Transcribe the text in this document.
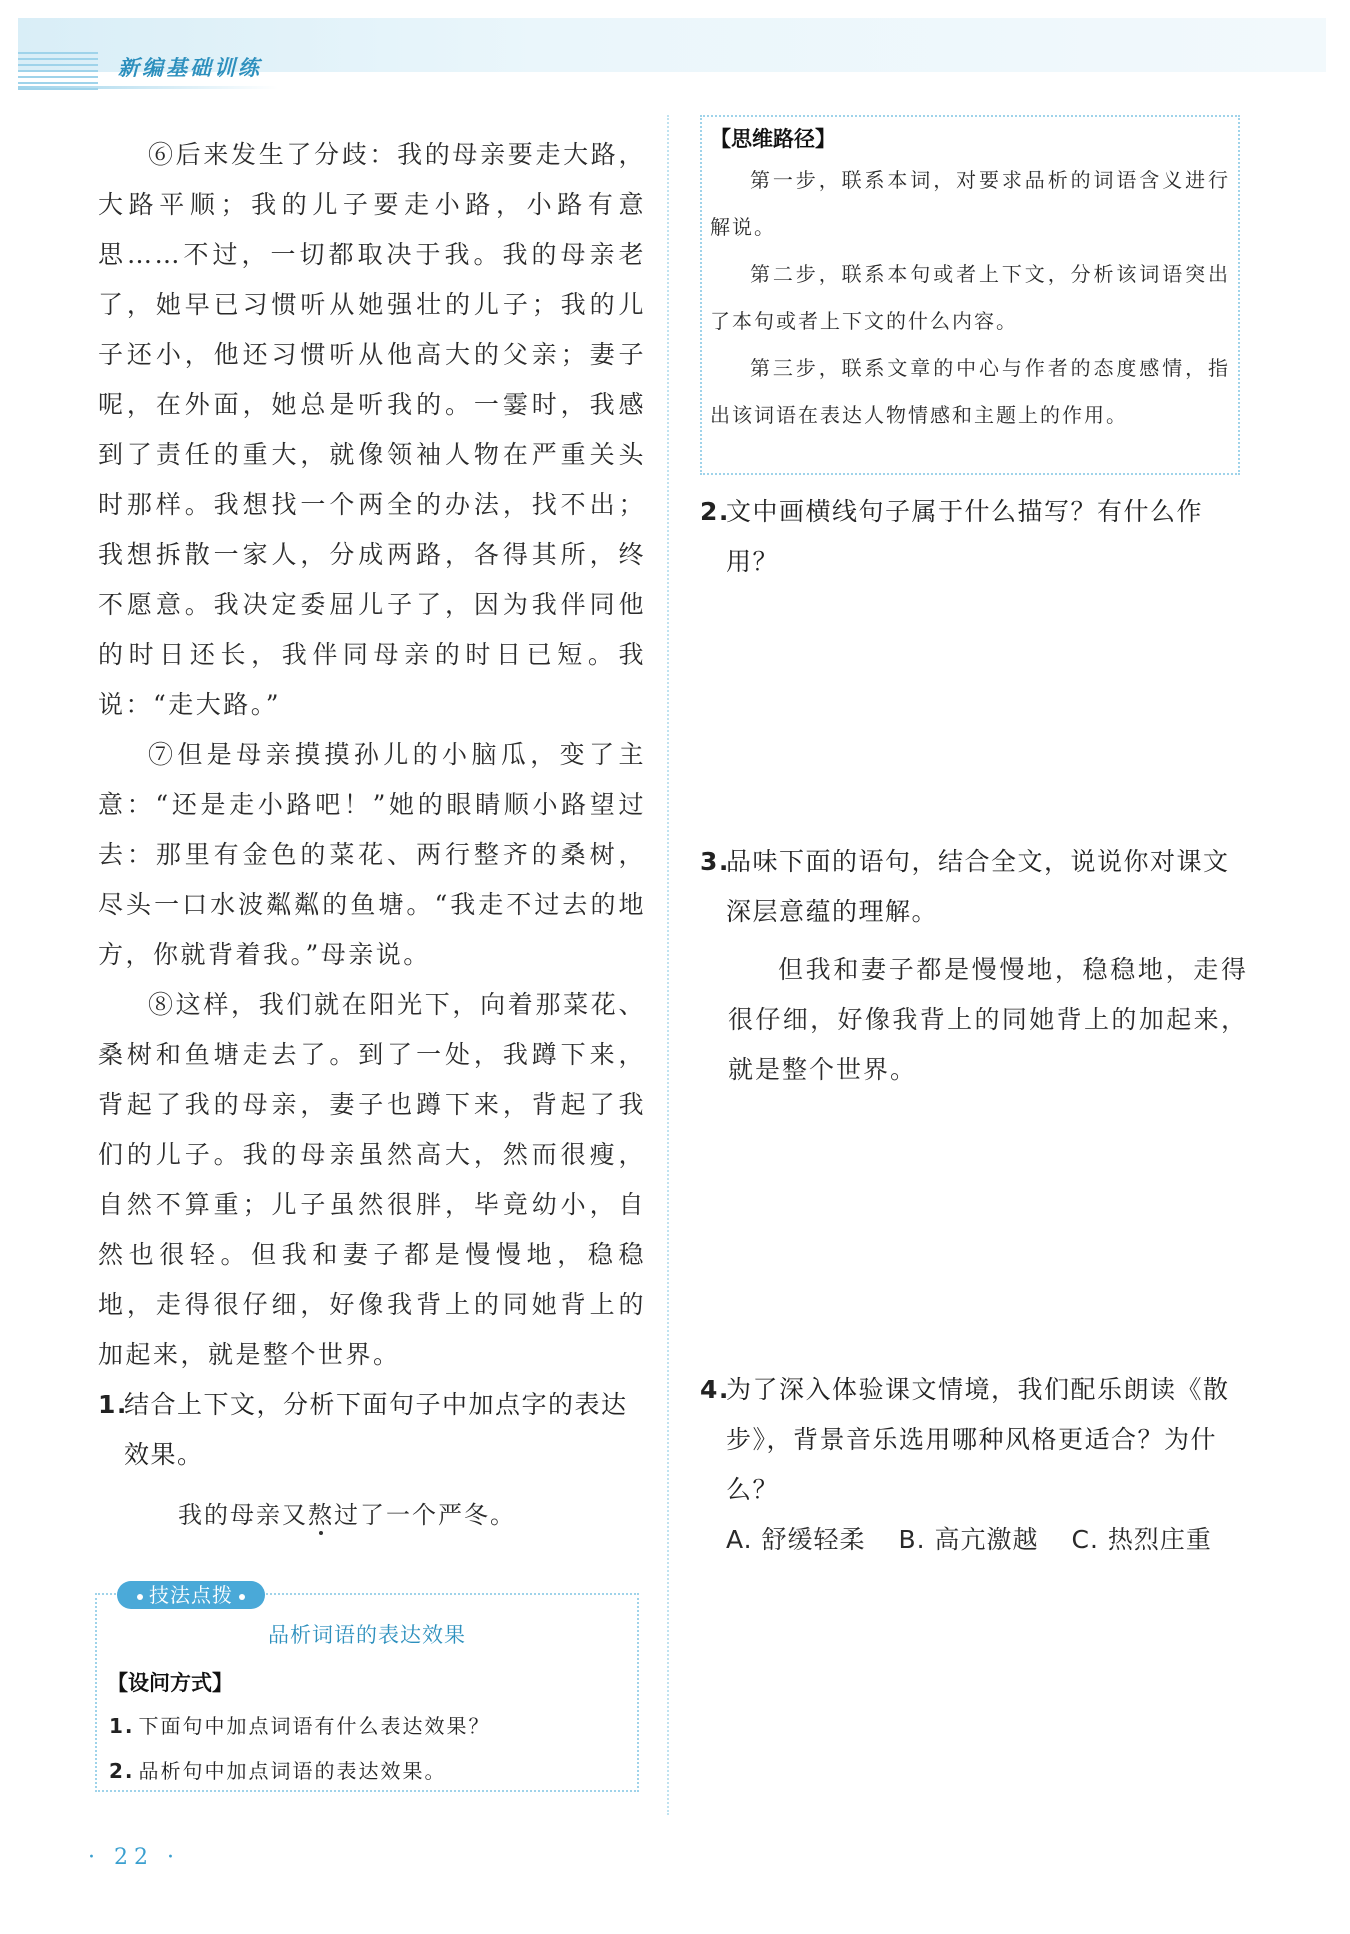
新编基础训练

⑥后来发生了分歧：我的母亲要走大路，大路平顺；我的儿子要走小路，小路有意思……不过，一切都取决于我。我的母亲老了，她早已习惯听从她强壮的儿子；我的儿子还小，他还习惯听从他高大的父亲；妻子呢，在外面，她总是听我的。一霎时，我感到了责任的重大，就像领袖人物在严重关头时那样。我想找一个两全的办法，找不出；我想拆散一家人，分成两路，各得其所，终不愿意。我决定委屈儿子了，因为我伴同他的时日还长，我伴同母亲的时日已短。我说：“走大路。”

⑦但是母亲摸摸孙儿的小脑瓜，变了主意：“还是走小路吧！”她的眼睛顺小路望过去：那里有金色的菜花、两行整齐的桑树，尽头一口水波粼粼的鱼塘。“我走不过去的地方，你就背着我。”母亲说。

⑧这样，我们就在阳光下，向着那菜花、桑树和鱼塘走去了。到了一处，我蹲下来，背起了我的母亲，妻子也蹲下来，背起了我们的儿子。我的母亲虽然高大，然而很瘦，自然不算重；儿子虽然很胖，毕竟幼小，自然也很轻。但我和妻子都是慢慢地，稳稳地，走得很仔细，好像我背上的同她背上的加起来，就是整个世界。

1.
结合上下文，分析下面句子中加点字的表达效果。
我的母亲又熬过了一个严冬。
技法点拨
品析词语的表达效果
【设问方式】
1. 下面句中加点词语有什么表达效果？
2. 品析句中加点词语的表达效果。
【思维路径】

第一步，联系本词，对要求品析的词语含义进行解说。

第二步，联系本句或者上下文，分析该词语突出了本句或者上下文的什么内容。

第三步，联系文章的中心与作者的态度感情，指出该词语在表达人物情感和主题上的作用。

2.
文中画横线句子属于什么描写？有什么作用？
3.
品味下面的语句，结合全文，说说你对课文深层意蕴的理解。

但我和妻子都是慢慢地，稳稳地，走得很仔细，好像我背上的同她背上的加起来，就是整个世界。

4.
为了深入体验课文情境，我们配乐朗读《散步》，背景音乐选用哪种风格更适合？为什么？
A. 舒缓轻柔 B. 高亢激越 C. 热烈庄重
· 22 ·
